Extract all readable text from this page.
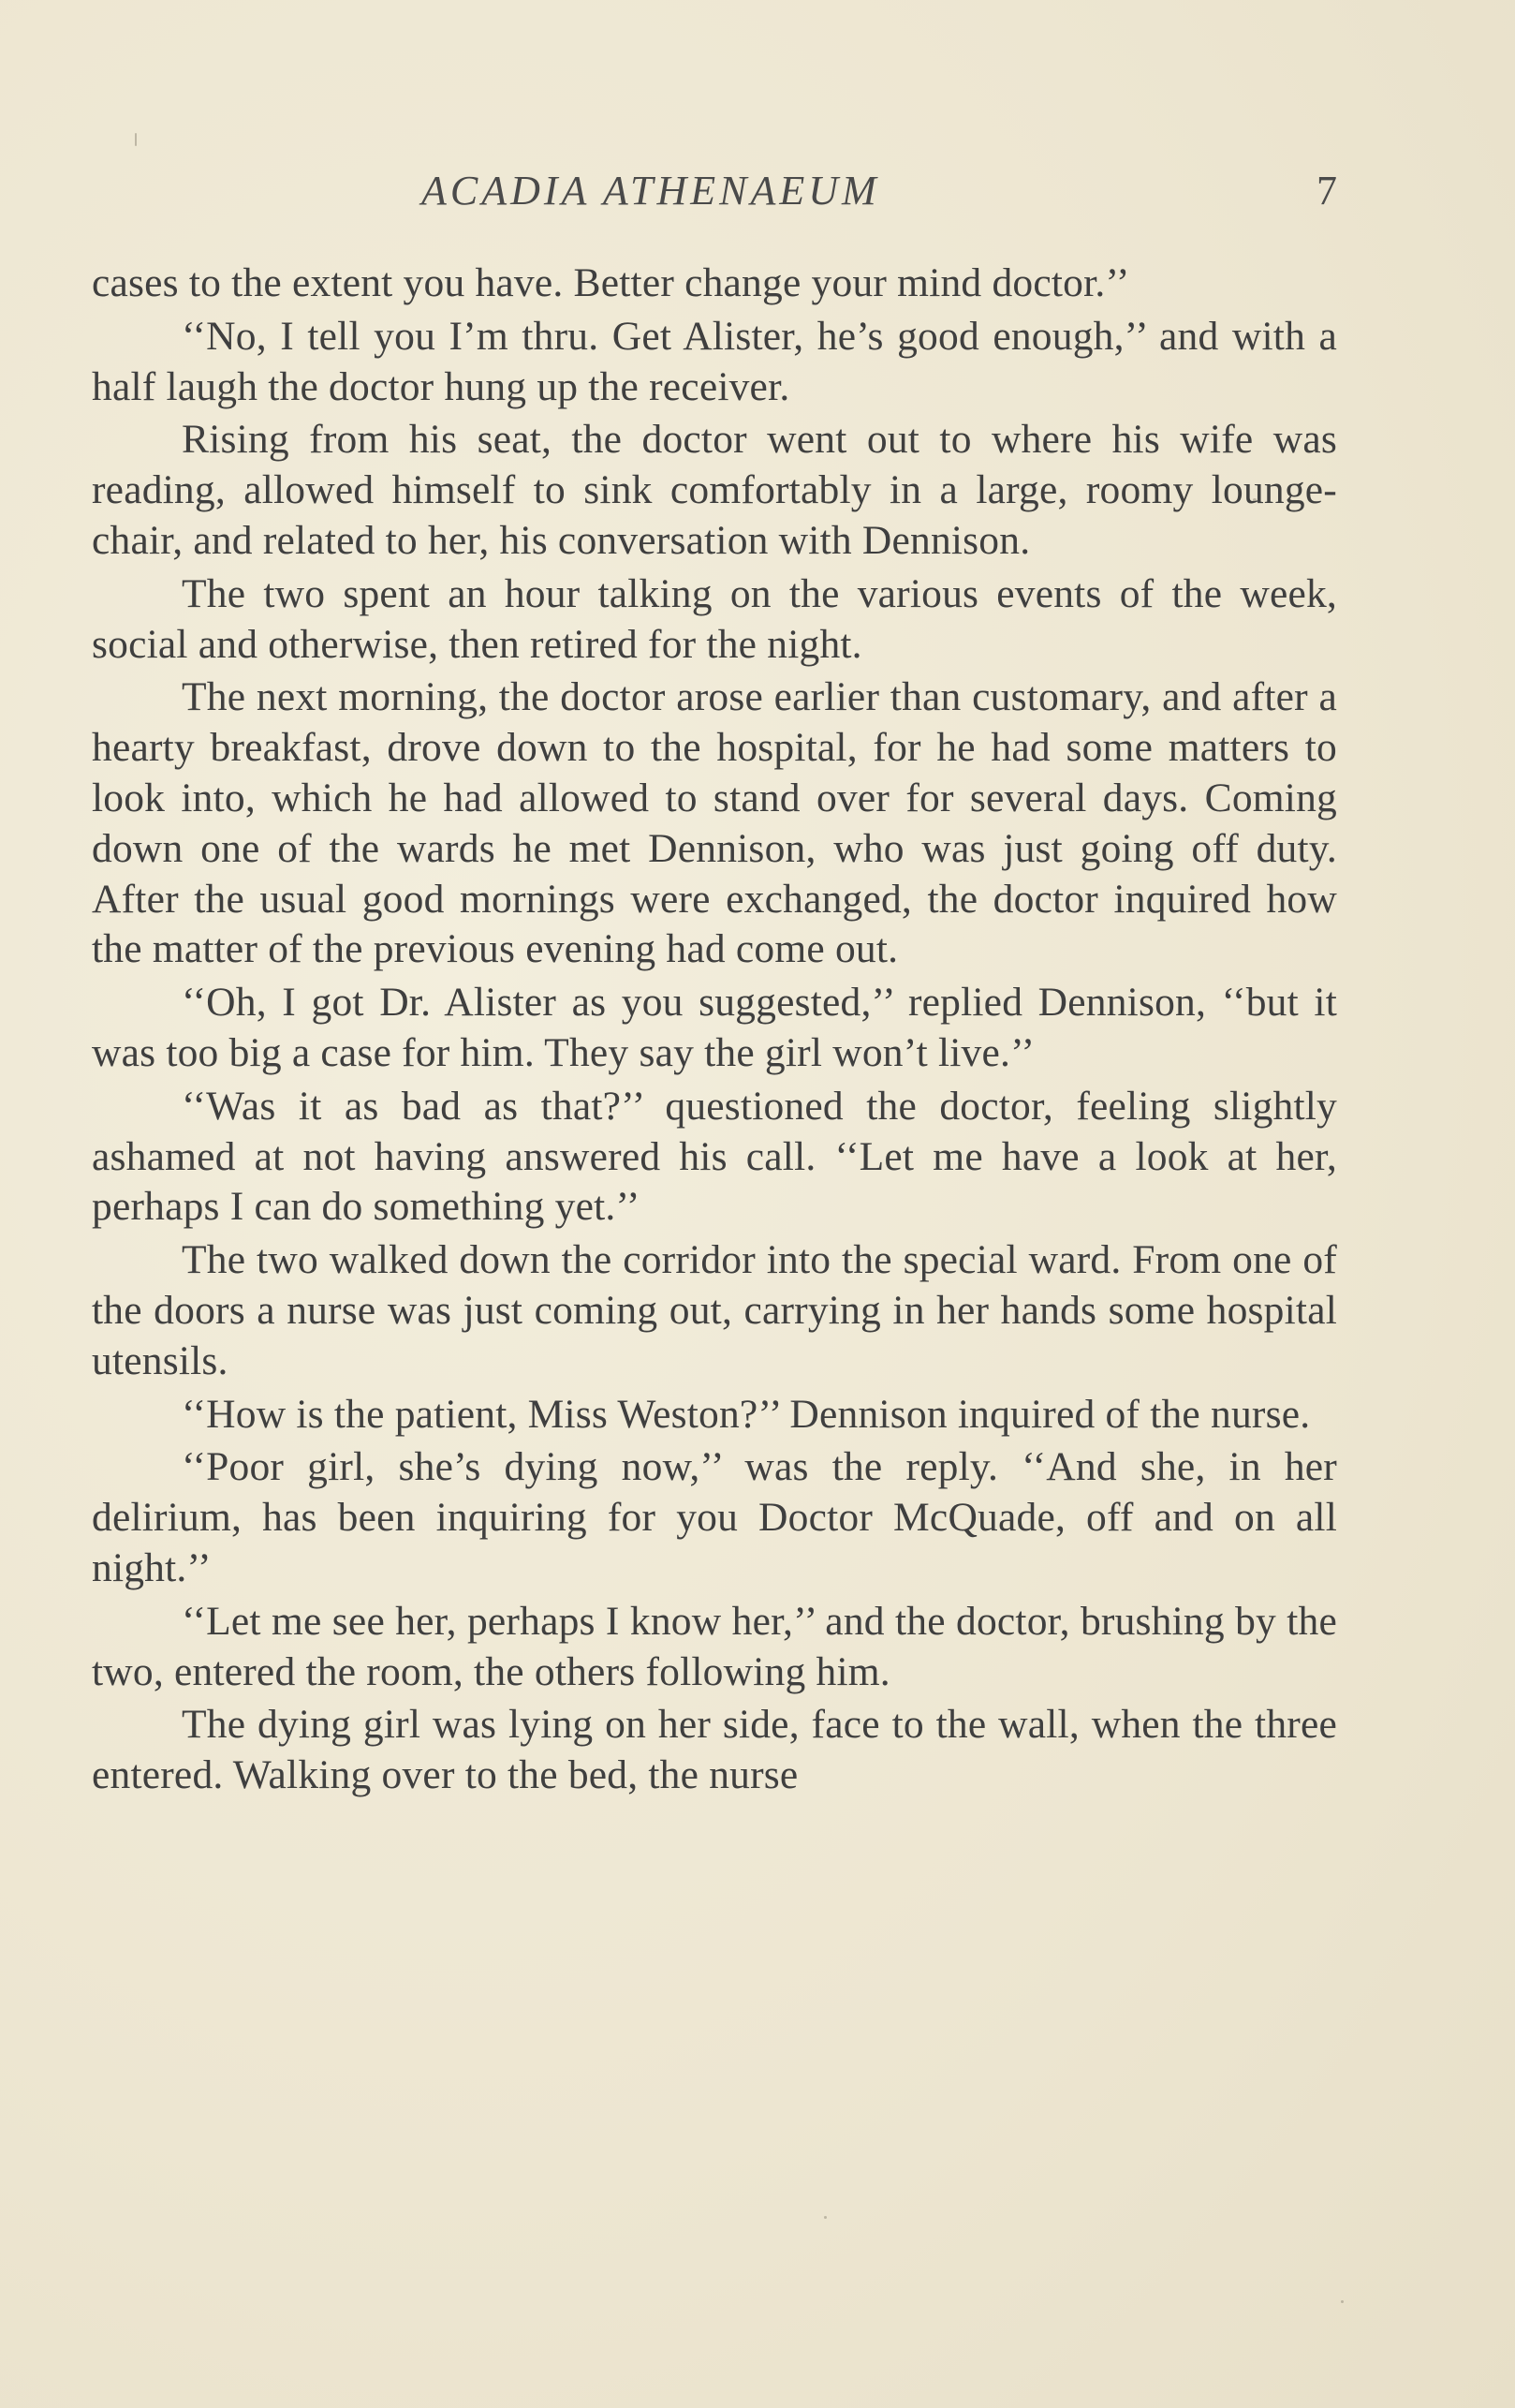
ACADIA ATHENAEUM	7

cases to the extent you have. Better change your mind doctor.’’

‘‘No, I tell you I’m thru. Get Alister, he’s good enough,’’ and with a half laugh the doctor hung up the receiver.

Rising from his seat, the doctor went out to where his wife was reading, allowed himself to sink comfortably in a large, roomy lounge-chair, and related to her, his conversation with Dennison.

The two spent an hour talking on the various events of the week, social and otherwise, then retired for the night.

The next morning, the doctor arose earlier than customary, and after a hearty breakfast, drove down to the hospital, for he had some matters to look into, which he had allowed to stand over for several days. Coming down one of the wards he met Dennison, who was just going off duty. After the usual good mornings were exchanged, the doctor inquired how the matter of the previous evening had come out.

‘‘Oh, I got Dr. Alister as you suggested,’’ replied Dennison, ‘‘but it was too big a case for him. They say the girl won’t live.’’

‘‘Was it as bad as that?’’ questioned the doctor, feeling slightly ashamed at not having answered his call. ‘‘Let me have a look at her, perhaps I can do something yet.’’

The two walked down the corridor into the special ward. From one of the doors a nurse was just coming out, carrying in her hands some hospital utensils.

‘‘How is the patient, Miss Weston?’’ Dennison inquired of the nurse.

‘‘Poor girl, she’s dying now,’’ was the reply. ‘‘And she, in her delirium, has been inquiring for you Doctor McQuade, off and on all night.’’

‘‘Let me see her, perhaps I know her,’’ and the doctor, brushing by the two, entered the room, the others following him.

The dying girl was lying on her side, face to the wall, when the three entered. Walking over to the bed, the nurse
